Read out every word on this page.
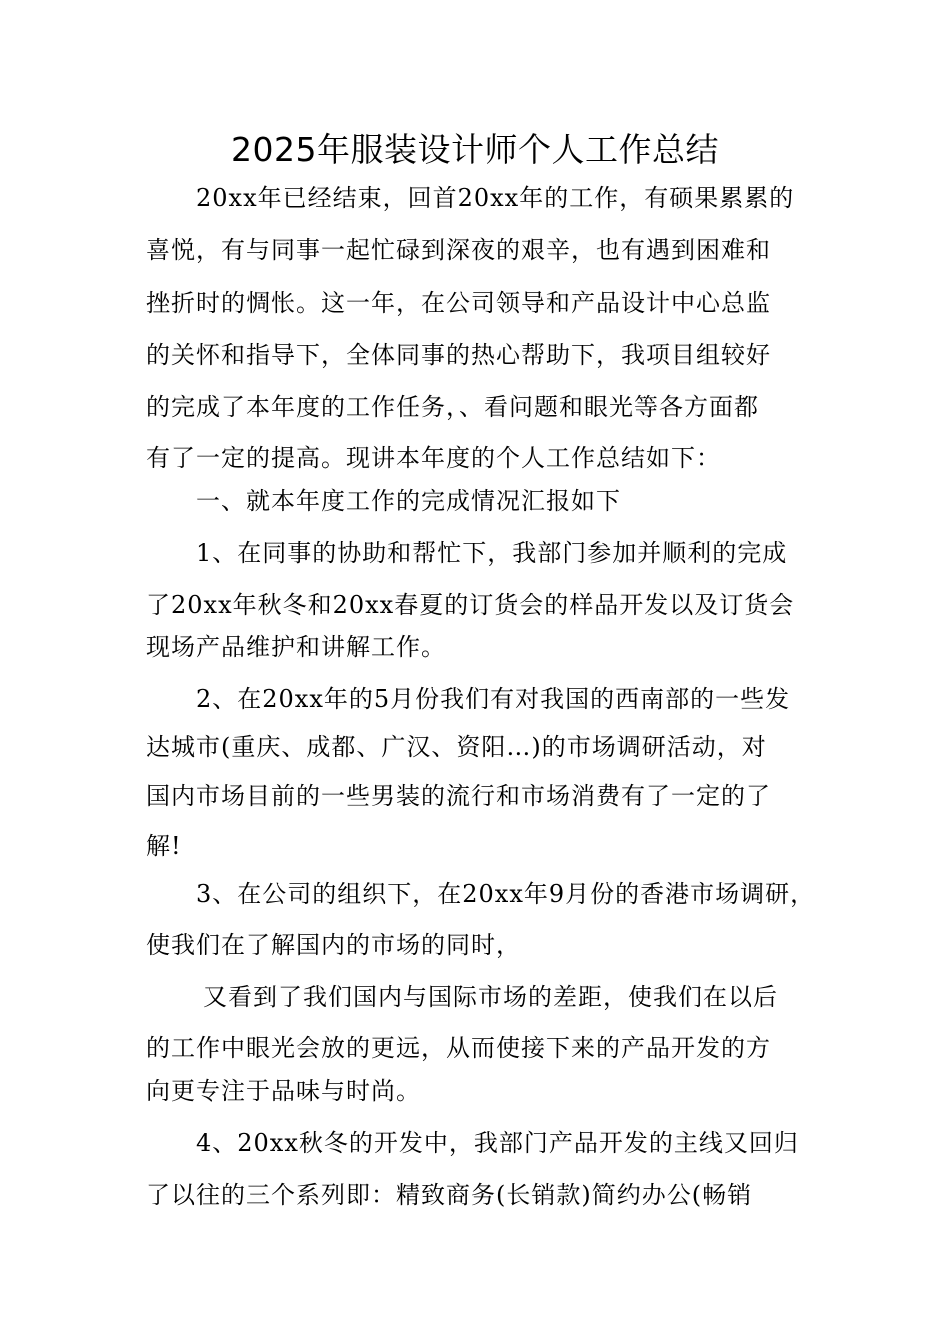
2025年服装设计师个人工作总结
20xx年已经结束，回首20xx年的工作，有硕果累累的
喜悦，有与同事一起忙碌到深夜的艰辛，也有遇到困难和
挫折时的惆怅。这一年，在公司领导和产品设计中心总监
的关怀和指导下，全体同事的热心帮助下，我项目组较好
的完成了本年度的工作任务，、看问题和眼光等各方面都
有了一定的提高。现讲本年度的个人工作总结如下：
一、就本年度工作的完成情况汇报如下
1、在同事的协助和帮忙下，我部门参加并顺利的完成
了20xx年秋冬和20xx春夏的订货会的样品开发以及订货会
现场产品维护和讲解工作。
2、在20xx年的5月份我们有对我国的西南部的一些发
达城市(重庆、成都、广汉、资阳…)的市场调研活动，对
国内市场目前的一些男装的流行和市场消费有了一定的了
解!
3、在公司的组织下，在20xx年9月份的香港市场调研，
使我们在了解国内的市场的同时，
又看到了我们国内与国际市场的差距，使我们在以后
的工作中眼光会放的更远，从而使接下来的产品开发的方
向更专注于品味与时尚。
4、20xx秋冬的开发中，我部门产品开发的主线又回归
了以往的三个系列即：精致商务(长销款)简约办公(畅销
